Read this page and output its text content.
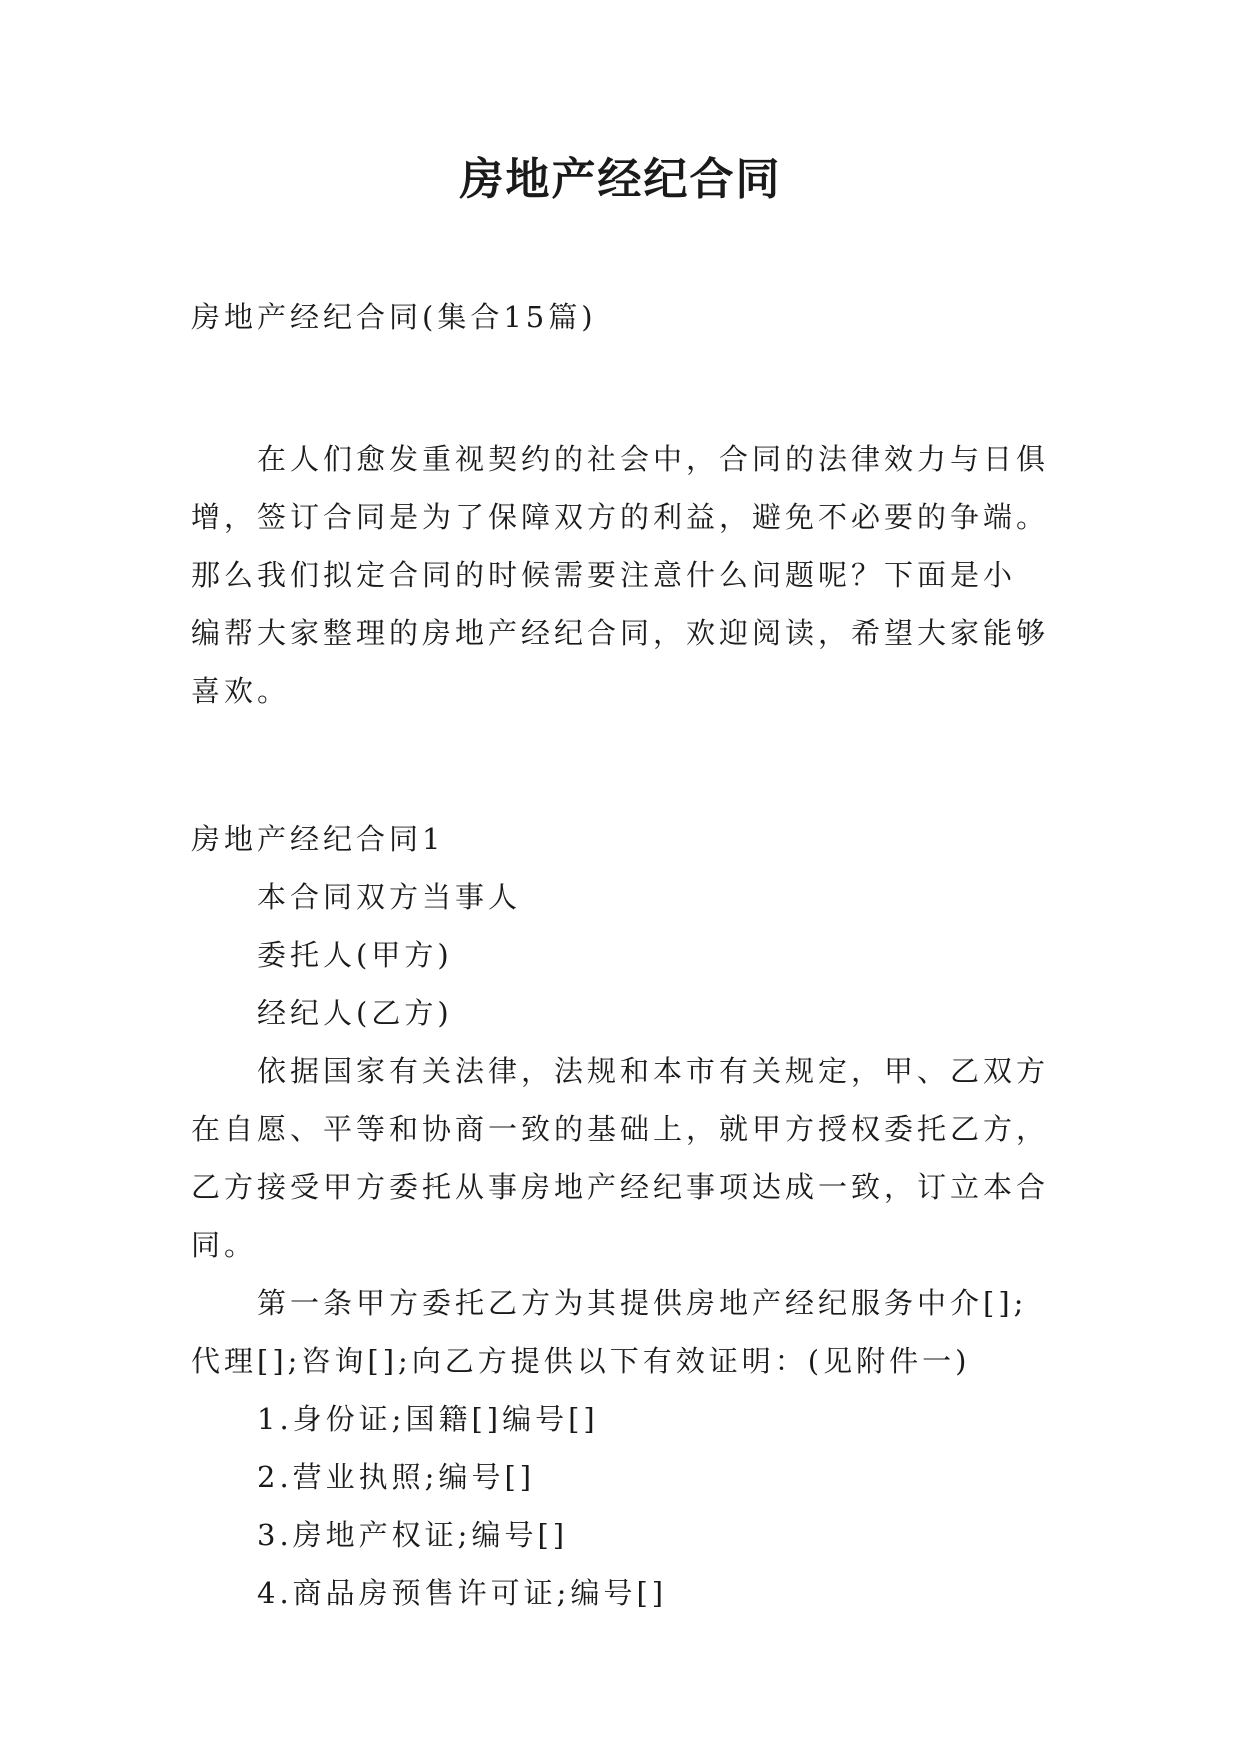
房地产经纪合同
房地产经纪合同(集合15篇)
在人们愈发重视契约的社会中，合同的法律效力与日俱
增，签订合同是为了保障双方的利益，避免不必要的争端。
那么我们拟定合同的时候需要注意什么问题呢？下面是小
编帮大家整理的房地产经纪合同，欢迎阅读，希望大家能够
喜欢。
房地产经纪合同1
本合同双方当事人
委托人(甲方)
经纪人(乙方)
依据国家有关法律，法规和本市有关规定，甲、乙双方
在自愿、平等和协商一致的基础上，就甲方授权委托乙方，
乙方接受甲方委托从事房地产经纪事项达成一致，订立本合
同。
第一条甲方委托乙方为其提供房地产经纪服务中介[];
代理[];咨询[];向乙方提供以下有效证明：(见附件一)
1.身份证;国籍[]编号[]
2.营业执照;编号[]
3.房地产权证;编号[]
4.商品房预售许可证;编号[]
